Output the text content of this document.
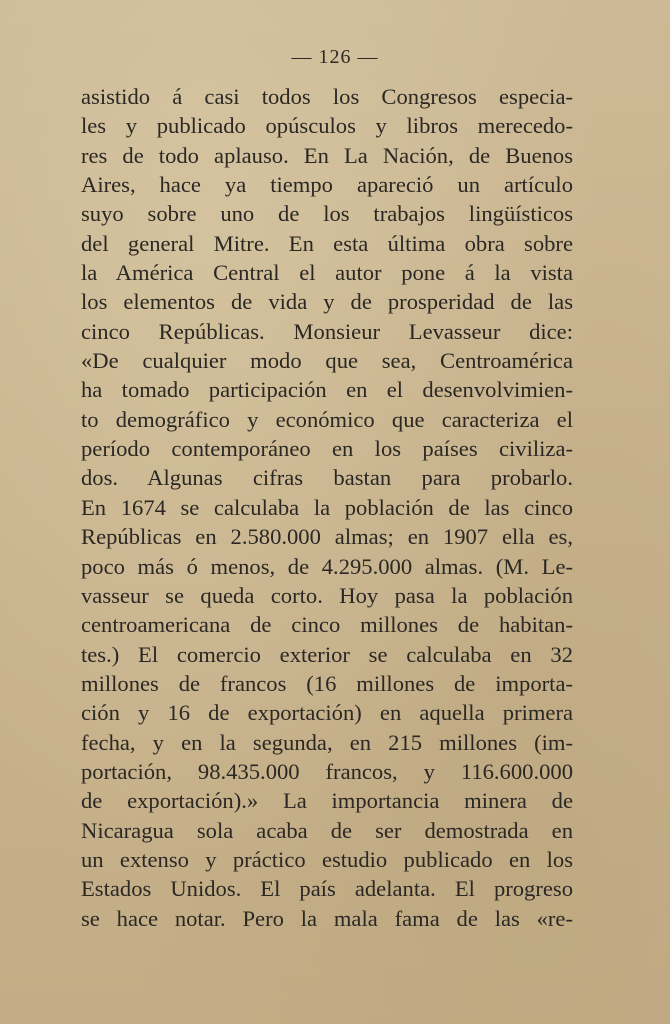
— 126 —
asistido á casi todos los Congresos especia-
les y publicado opúsculos y libros merecedo-
res de todo aplauso. En La Nación, de Buenos
Aires, hace ya tiempo apareció un artículo
suyo sobre uno de los trabajos lingüísticos
del general Mitre. En esta última obra sobre
la América Central el autor pone á la vista
los elementos de vida y de prosperidad de las
cinco Repúblicas. Monsieur Levasseur dice:
«De cualquier modo que sea, Centroamérica
ha tomado participación en el desenvolvimien-
to demográfico y económico que caracteriza el
período contemporáneo en los países civiliza-
dos. Algunas cifras bastan para probarlo.
En 1674 se calculaba la población de las cinco
Repúblicas en 2.580.000 almas; en 1907 ella es,
poco más ó menos, de 4.295.000 almas. (M. Le-
vasseur se queda corto. Hoy pasa la población
centroamericana de cinco millones de habitan-
tes.) El comercio exterior se calculaba en 32
millones de francos (16 millones de importa-
ción y 16 de exportación) en aquella primera
fecha, y en la segunda, en 215 millones (im-
portación, 98.435.000 francos, y 116.600.000
de exportación).» La importancia minera de
Nicaragua sola acaba de ser demostrada en
un extenso y práctico estudio publicado en los
Estados Unidos. El país adelanta. El progreso
se hace notar. Pero la mala fama de las «re-
